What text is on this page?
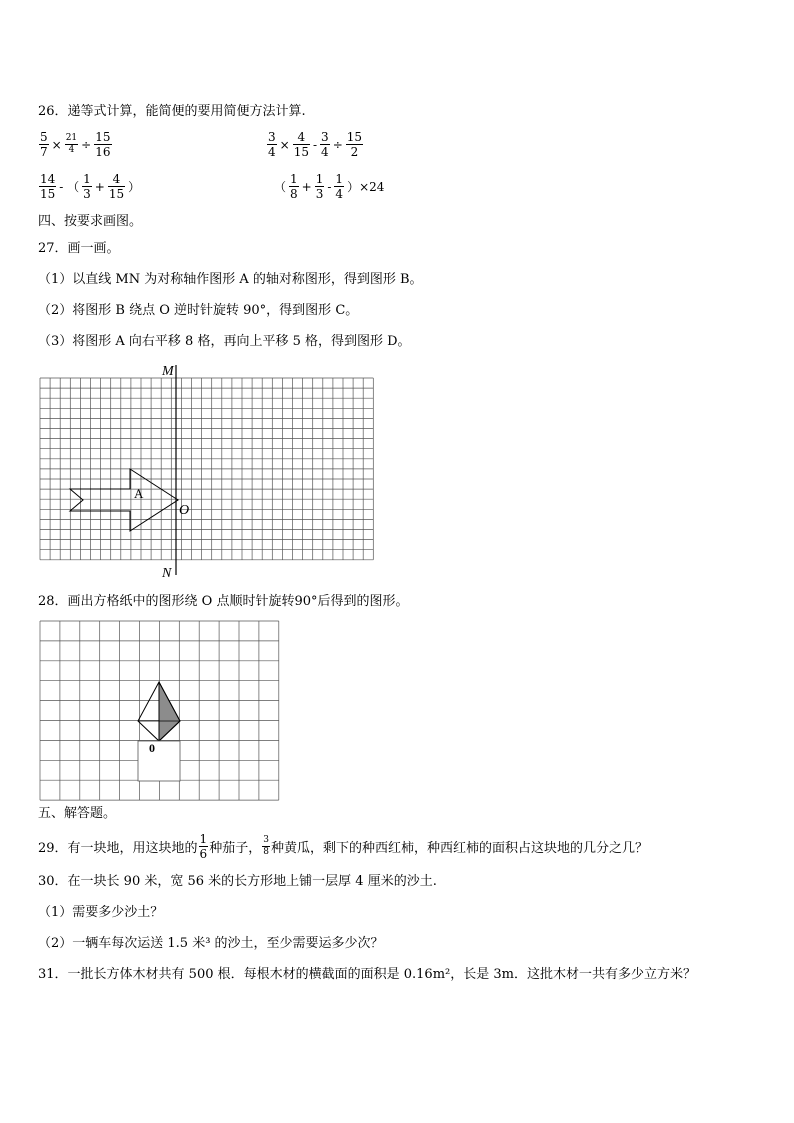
26．递等式计算，能简便的要用简便方法计算.
$\frac{5}{7} \times \frac{21}{4} \div \frac{15}{16}$	$\frac{3}{4} \times \frac{4}{15} - \frac{3}{4} \div \frac{15}{2}$
$\frac{14}{15}$ - （ $\frac{1}{3} + \frac{4}{15}$ ）	（ $\frac{1}{8} + \frac{1}{3} - \frac{1}{4} )\times 24$
四、按要求画图。
27．画一画。
（1）以直线 MN 为对称轴作图形 A 的轴对称图形，得到图形 B。
（2）将图形 B 绕点 O 逆时针旋转 90°，得到图形 C。
（3）将图形 A 向右平移 8 格，再向上平移 5 格，得到图形 D。
M
N
O
A
28．画出方格纸中的图形绕 O 点顺时针旋转90°后得到的图形。
0
五、解答题。
29．有一块地，用这块地的 $\frac{1}{6}$ 种茄子， $\frac{3}{8}$ 种黄瓜，剩下的种西红柿，种西红柿的面积占这块地的几分之几？
30．在一块长 90 米，宽 56 米的长方形地上铺一层厚 4 厘米的沙土.
（1）需要多少沙土？
（2）一辆车每次运送 1.5 米³ 的沙土，至少需要运多少次？
31．一批长方体木材共有 500 根．每根木材的横截面的面积是 0.16m²，长是 3m．这批木材一共有多少立方米？
